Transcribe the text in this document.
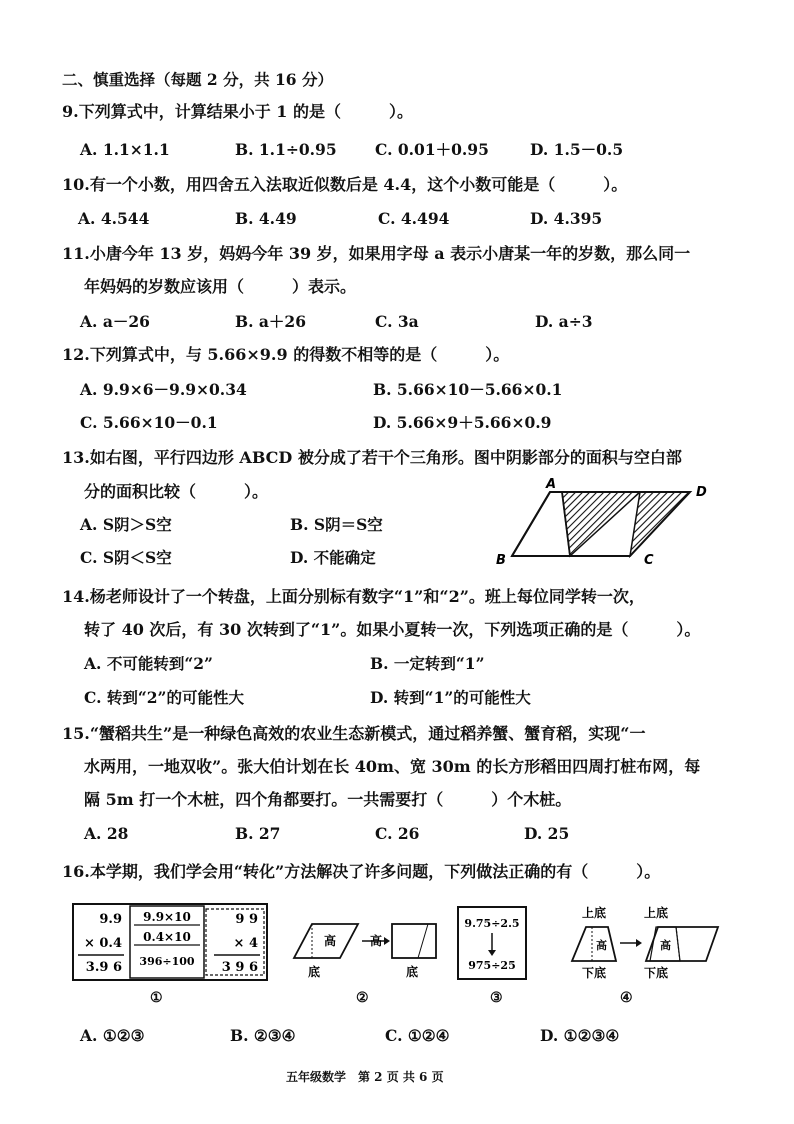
二、慎重选择（每题 2 分，共 16 分）
9.下列算式中，计算结果小于 1 的是（　　　）。
A. 1.1×1.1	B. 1.1÷0.95 C. 0.01＋0.95	D. 1.5－0.5
10.有一个小数，用四舍五入法取近似数后是 4.4，这个小数可能是（　　　）。
A. 4.544	B. 4.49	C. 4.494	D. 4.395
11.小唐今年 13 岁，妈妈今年 39 岁，如果用字母 a 表示小唐某一年的岁数，那么同一
年妈妈的岁数应该用（　　　）表示。
A. a－26	B. a＋26	C. 3a	D. a÷3
12.下列算式中，与 5.66×9.9 的得数不相等的是（　　　）。
A. 9.9×6－9.9×0.34	B. 5.66×10－5.66×0.1
C. 5.66×10－0.1	D. 5.66×9＋5.66×0.9
13.如右图，平行四边形 ABCD 被分成了若干个三角形。图中阴影部分的面积与空白部
分的面积比较（　　　）。
A. S阴＞S空	B. S阴＝S空
C. S阴＜S空	D. 不能确定
A
D
B	C
14.杨老师设计了一个转盘，上面分别标有数字“1”和“2”。班上每位同学转一次，
转了 40 次后，有 30 次转到了“1”。如果小夏转一次，下列选项正确的是（　　　）。
A. 不可能转到“2”	B. 一定转到“1”
C. 转到“2”的可能性大	D. 转到“1”的可能性大
15.“蟹稻共生”是一种绿色高效的农业生态新模式，通过稻养蟹、蟹育稻，实现“一
水两用，一地双收”。张大伯计划在长 40m、宽 30m 的长方形稻田四周打桩布网，每
隔 5m 打一个木桩，四个角都要打。一共需要打（　　　）个木桩。
A. 28	B. 27	C. 26	D. 25
16.本学期，我们学会用“转化”方法解决了许多问题，下列做法正确的有（　　　）。
9.9
× 0.4
3.9 6
9.9×10
0.4×10
396÷100
9 9
× 4
3 9 6
高
底
高
底
9.75÷2.5
975÷25
上底
高
下底
上底
高
下底
①	②	③	④
A. ①②③	B. ②③④	C. ①②④	D. ①②③④
五年级数学　第 2 页 共 6 页
